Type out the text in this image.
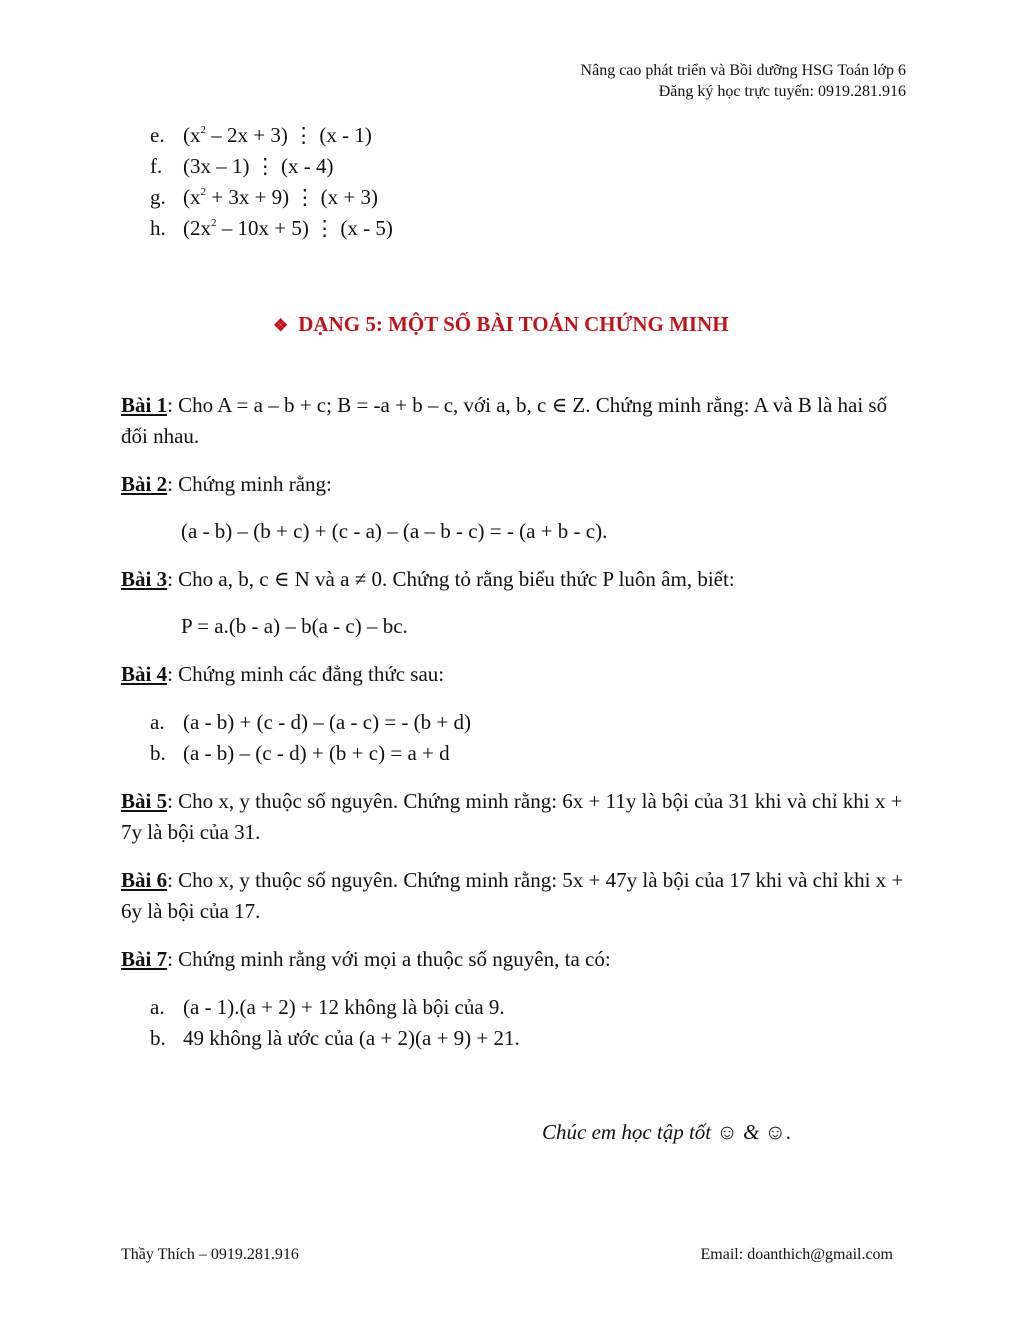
Nâng cao phát triển và Bồi dưỡng HSG Toán lớp 6
Đăng ký học trực tuyến: 0919.281.916
e. $(x^2 - 2x + 3)$ ⋮ (x - 1)
f. (3x – 1) ⋮ (x - 4)
g. $(x^2 + 3x + 9)$ ⋮ (x + 3)
h. $(2x^2 - 10x + 5)$ ⋮ (x - 5)
❖ DẠNG 5: MỘT SỐ BÀI TOÁN CHỨNG MINH
Bài 1: Cho A = a – b + c; B = -a + b – c, với a, b, c ∈ Z. Chứng minh rằng: A và B là hai số đối nhau.
Bài 2: Chứng minh rằng:
(a - b) – (b + c) + (c - a) – (a – b - c) = - (a + b - c).
Bài 3: Cho a, b, c ∈ N và a ≠ 0. Chứng tỏ rằng biểu thức P luôn âm, biết:
P = a.(b - a) – b(a - c) – bc.
Bài 4: Chứng minh các đẳng thức sau:
a. (a - b) + (c - d) – (a - c) = - (b + d)
b. (a - b) – (c - d) + (b + c) = a + d
Bài 5: Cho x, y thuộc số nguyên. Chứng minh rằng: 6x + 11y là bội của 31 khi và chỉ khi x + 7y là bội của 31.
Bài 6: Cho x, y thuộc số nguyên. Chứng minh rằng: 5x + 47y là bội của 17 khi và chỉ khi x + 6y là bội của 17.
Bài 7: Chứng minh rằng với mọi a thuộc số nguyên, ta có:
a. (a - 1).(a + 2) + 12 không là bội của 9.
b. 49 không là ước của (a + 2)(a + 9) + 21.
Chúc em học tập tốt ☺ & ☺.
Thầy Thích – 0919.281.916	Email: doanthich@gmail.com
